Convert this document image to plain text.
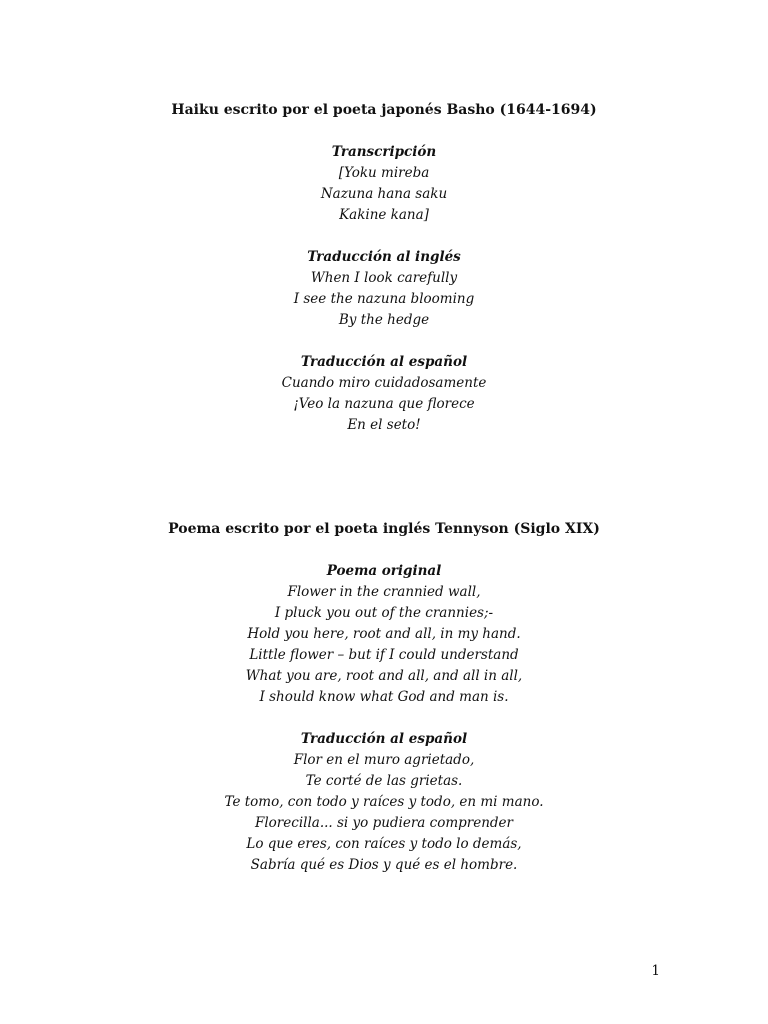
Haiku escrito por el poeta japonés Basho (1644-1694)

Transcripción

[Yoku mireba

Nazuna hana saku

Kakine kana]

Traducción al inglés

When I look carefully

I see the nazuna blooming

By the hedge

Traducción al español

Cuando miro cuidadosamente

¡Veo la nazuna que florece

En el seto!

Poema escrito por el poeta inglés Tennyson (Siglo XIX)

Poema original

Flower in the crannied wall,

I pluck you out of the crannies;-

Hold you here, root and all, in my hand.

Little flower – but if I could understand

What you are, root and all, and all in all,

I should know what God and man is.

Traducción al español

Flor en el muro agrietado,

Te corté de las grietas.

Te tomo, con todo y raíces y todo, en mi mano.

Florecilla... si yo pudiera comprender

Lo que eres, con raíces y todo lo demás,

Sabría qué es Dios y qué es el hombre.

1
